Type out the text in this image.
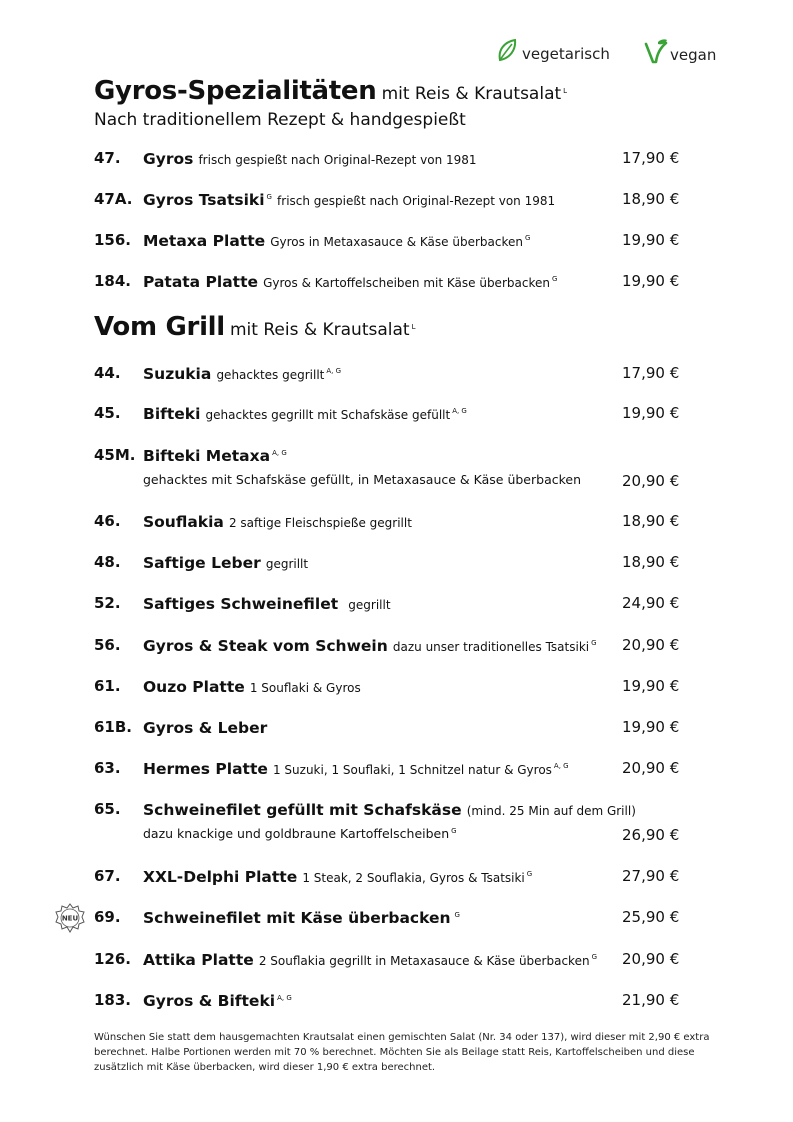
vegetarisch	vegan
Gyros-Spezialitäten mit Reis & Krautsalat $^L$
Nach traditionellem Rezept & handgespießt
Vom Grill mit Reis & Krautsalat $^L$
47. Gyros frisch gespießt nach Original-Rezept von 1981	17,90 €
47A. Gyros Tsatsiki $^G$ frisch gespießt nach Original-Rezept von 1981	18,90 €
156. Metaxa Platte Gyros in Metaxasauce & Käse überbacken $^G$	19,90 €
184. Patata Platte Gyros & Kartoffelscheiben mit Käse überbacken $^G$	19,90 €
44. Suzukia gehacktes gegrillt $^{A, G}$	17,90 €
45. Bifteki gehacktes gegrillt mit Schafskäse gefüllt $^{A, G}$	19,90 €
45M. Bifteki Metaxa $^{A, G}$
gehacktes mit Schafskäse gefüllt, in Metaxasauce & Käse überbacken	20,90 €
46. Souflakia 2 saftige Fleischspieße gegrillt	18,90 €
48. Saftige Leber gegrillt	18,90 €
52. Saftiges Schweinefilet gegrillt	24,90 €
56. Gyros & Steak vom Schwein dazu unser traditionelles Tsatsiki $^G$ 20,90 €
61. Ouzo Platte 1 Souflaki & Gyros	19,90 €
61B. Gyros & Leber	19,90 €
63. Hermes Platte 1 Suzuki, 1 Souflaki, 1 Schnitzel natur & Gyros $^{A, G}$	20,90 €
65. Schweinefilet gefüllt mit Schafskäse (mind. 25 Min auf dem Grill)
dazu knackige und goldbraune Kartoffelscheiben $^G$	26,90 €
67. XXL-Delphi Platte 1 Steak, 2 Souflakia, Gyros & Tsatsiki $^G$	27,90 €
NEU 69. Schweinefilet mit Käse überbacken $^G$	25,90 €
126. Attika Platte 2 Souflakia gegrillt in Metaxasauce & Käse überbacken $^G$ 20,90 €
183. Gyros & Bifteki $^{A, G}$	21,90 €
Wünschen Sie statt dem hausgemachten Krautsalat einen gemischten Salat (Nr. 34 oder 137), wird dieser mit 2,90 € extra berechnet. Halbe Portionen werden mit 70 % berechnet. Möchten Sie als Beilage statt Reis, Kartoffelscheiben und diese zusätzlich mit Käse überbacken, wird dieser 1,90 € extra berechnet.
